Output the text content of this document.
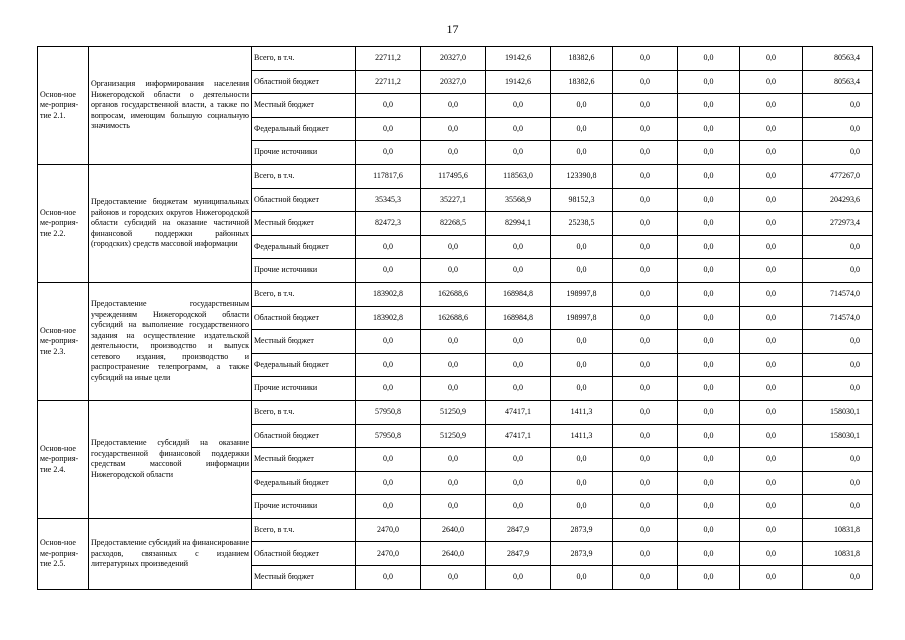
17
Основ-ное ме-роприя-тие 2.1.	Организация информирования населения Нижегородской области о деятельности органов государственной власти, а также по вопросам, имеющим большую социальную значимость	Всего, в т.ч.	22711,2	20327,0	19142,6	18382,6	0,0	0,0	0,0	80563,4
		Областной бюджет	22711,2	20327,0	19142,6	18382,6	0,0	0,0	0,0	80563,4
		Местный бюджет	0,0	0,0	0,0	0,0	0,0	0,0	0,0	0,0
		Федеральный бюджет	0,0	0,0	0,0	0,0	0,0	0,0	0,0	0,0
		Прочие источники	0,0	0,0	0,0	0,0	0,0	0,0	0,0	0,0
Основ-ное ме-роприя-тие 2.2.	Предоставление бюджетам муниципальных районов и городских округов Нижегородской области субсидий на оказание частичной финансовой поддержки районных (городских) средств массовой информации	Всего, в т.ч.	117817,6	117495,6	118563,0	123390,8	0,0	0,0	0,0	477267,0
		Областной бюджет	35345,3	35227,1	35568,9	98152,3	0,0	0,0	0,0	204293,6
		Местный бюджет	82472,3	82268,5	82994,1	25238,5	0,0	0,0	0,0	272973,4
		Федеральный бюджет	0,0	0,0	0,0	0,0	0,0	0,0	0,0	0,0
		Прочие источники	0,0	0,0	0,0	0,0	0,0	0,0	0,0	0,0
Основ-ное ме-роприя-тие 2.3.	Предоставление государственным учреждениям Нижегородской области субсидий на выполнение государственного задания на осуществление издательской деятельности, производство и выпуск сетевого издания, производство и распространение телепрограмм, а также субсидий на иные цели	Всего, в т.ч.	183902,8	162688,6	168984,8	198997,8	0,0	0,0	0,0	714574,0
		Областной бюджет	183902,8	162688,6	168984,8	198997,8	0,0	0,0	0,0	714574,0
		Местный бюджет	0,0	0,0	0,0	0,0	0,0	0,0	0,0	0,0
		Федеральный бюджет	0,0	0,0	0,0	0,0	0,0	0,0	0,0	0,0
		Прочие источники	0,0	0,0	0,0	0,0	0,0	0,0	0,0	0,0
Основ-ное ме-роприя-тие 2.4.	Предоставление субсидий на оказание государственной финансовой поддержки средствам массовой информации Нижегородской области	Всего, в т.ч.	57950,8	51250,9	47417,1	1411,3	0,0	0,0	0,0	158030,1
		Областной бюджет	57950,8	51250,9	47417,1	1411,3	0,0	0,0	0,0	158030,1
		Местный бюджет	0,0	0,0	0,0	0,0	0,0	0,0	0,0	0,0
		Федеральный бюджет	0,0	0,0	0,0	0,0	0,0	0,0	0,0	0,0
		Прочие источники	0,0	0,0	0,0	0,0	0,0	0,0	0,0	0,0
Основ-ное ме-роприя-тие 2.5.	Предоставление субсидий на финансирование расходов, связанных с изданием литературных произведений	Всего, в т.ч.	2470,0	2640,0	2847,9	2873,9	0,0	0,0	0,0	10831,8
		Областной бюджет	2470,0	2640,0	2847,9	2873,9	0,0	0,0	0,0	10831,8
		Местный бюджет	0,0	0,0	0,0	0,0	0,0	0,0	0,0	0,0
